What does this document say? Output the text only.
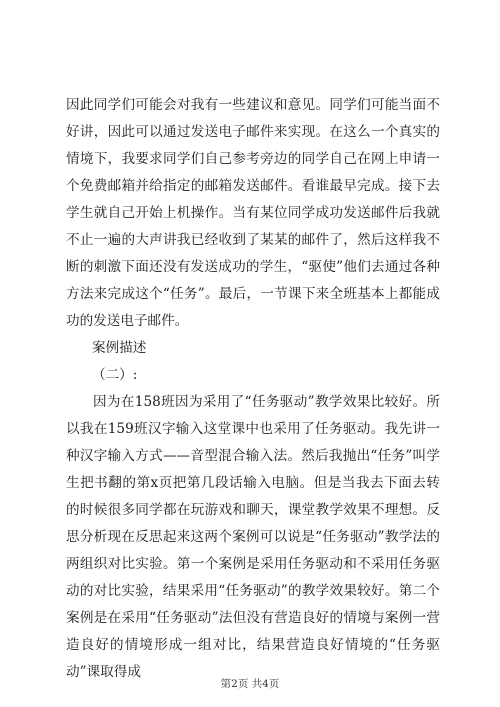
因此同学们可能会对我有一些建议和意见。同学们可能当面不好讲，因此可以通过发送电子邮件来实现。在这么一个真实的情境下，我要求同学们自己参考旁边的同学自己在网上申请一个免费邮箱并给指定的邮箱发送邮件。看谁最早完成。接下去学生就自己开始上机操作。当有某位同学成功发送邮件后我就不止一遍的大声讲我已经收到了某某的邮件了，然后这样我不断的刺激下面还没有发送成功的学生，“驱使”他们去通过各种方法来完成这个“任务”。最后，一节课下来全班基本上都能成功的发送电子邮件。

案例描述

（二）:

因为在158班因为采用了“任务驱动”教学效果比较好。所以我在159班汉字输入这堂课中也采用了任务驱动。我先讲一种汉字输入方式——音型混合输入法。然后我抛出“任务”叫学生把书翻的第x页把第几段话输入电脑。但是当我去下面去转的时候很多同学都在玩游戏和聊天，课堂教学效果不理想。反思分析现在反思起来这两个案例可以说是“任务驱动”教学法的两组织对比实验。第一个案例是采用任务驱动和不采用任务驱动的对比实验，结果采用“任务驱动”的教学效果较好。第二个案例是在采用“任务驱动”法但没有营造良好的情境与案例一营造良好的情境形成一组对比，结果营造良好情境的“任务驱动”课取得成

第2页 共4页
